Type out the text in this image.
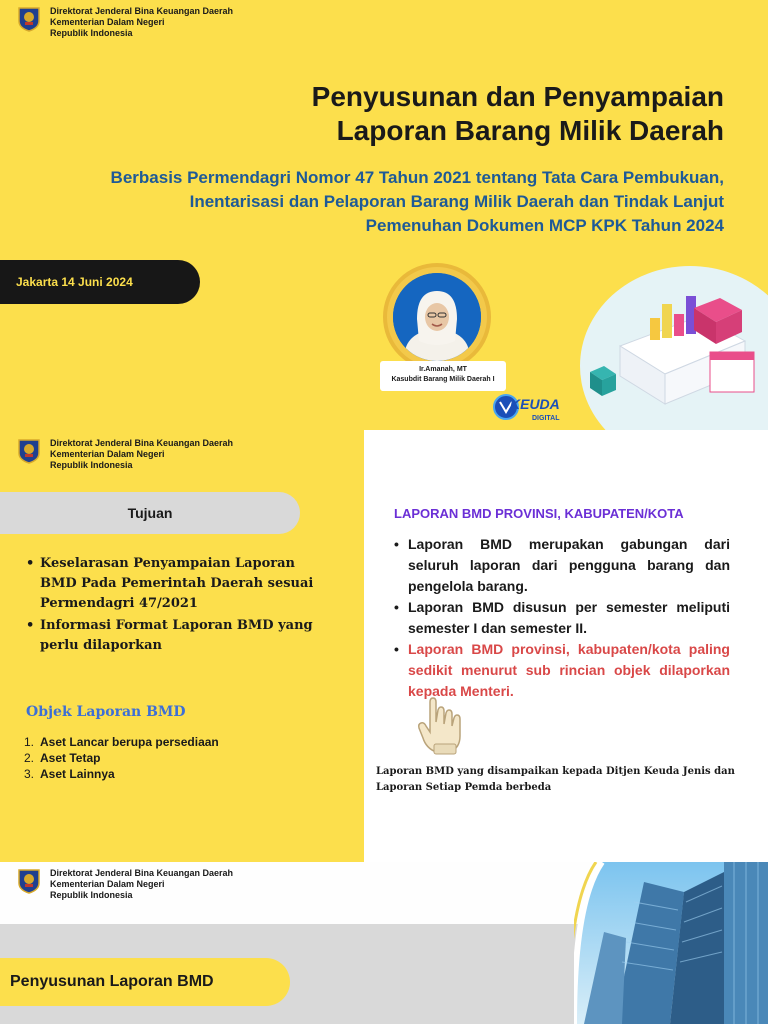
Direktorat Jenderal Bina Keuangan Daerah
Kementerian Dalam Negeri
Republik Indonesia
Penyusunan dan Penyampaian
Laporan Barang Milik Daerah
Berbasis Permendagri Nomor 47 Tahun 2021 tentang Tata Cara Pembukuan, Inentarisasi dan Pelaporan Barang Milik Daerah dan Tindak Lanjut Pemenuhan Dokumen MCP KPK Tahun 2024
Jakarta 14 Juni 2024
Ir.Amanah, MT
Kasubdit Barang Milik Daerah I
KEUDA
DIGITAL
Direktorat Jenderal Bina Keuangan Daerah
Kementerian Dalam Negeri
Republik Indonesia
Tujuan
• Keselarasan Penyampaian Laporan BMD Pada Pemerintah Daerah sesuai Permendagri 47/2021
• Informasi Format Laporan BMD yang perlu dilaporkan
Objek Laporan BMD
1. Aset Lancar berupa persediaan
2. Aset Tetap
3. Aset Lainnya
LAPORAN BMD PROVINSI, KABUPATEN/KOTA
• Laporan BMD merupakan gabungan dari seluruh laporan dari pengguna barang dan pengelola barang.
• Laporan BMD disusun per semester meliputi semester I dan semester II.
• Laporan BMD provinsi, kabupaten/kota paling sedikit menurut sub rincian objek dilaporkan kepada Menteri.
Laporan BMD yang disampaikan kepada Ditjen Keuda Jenis dan Laporan Setiap Pemda berbeda
Direktorat Jenderal Bina Keuangan Daerah
Kementerian Dalam Negeri
Republik Indonesia
Penyusunan Laporan BMD
